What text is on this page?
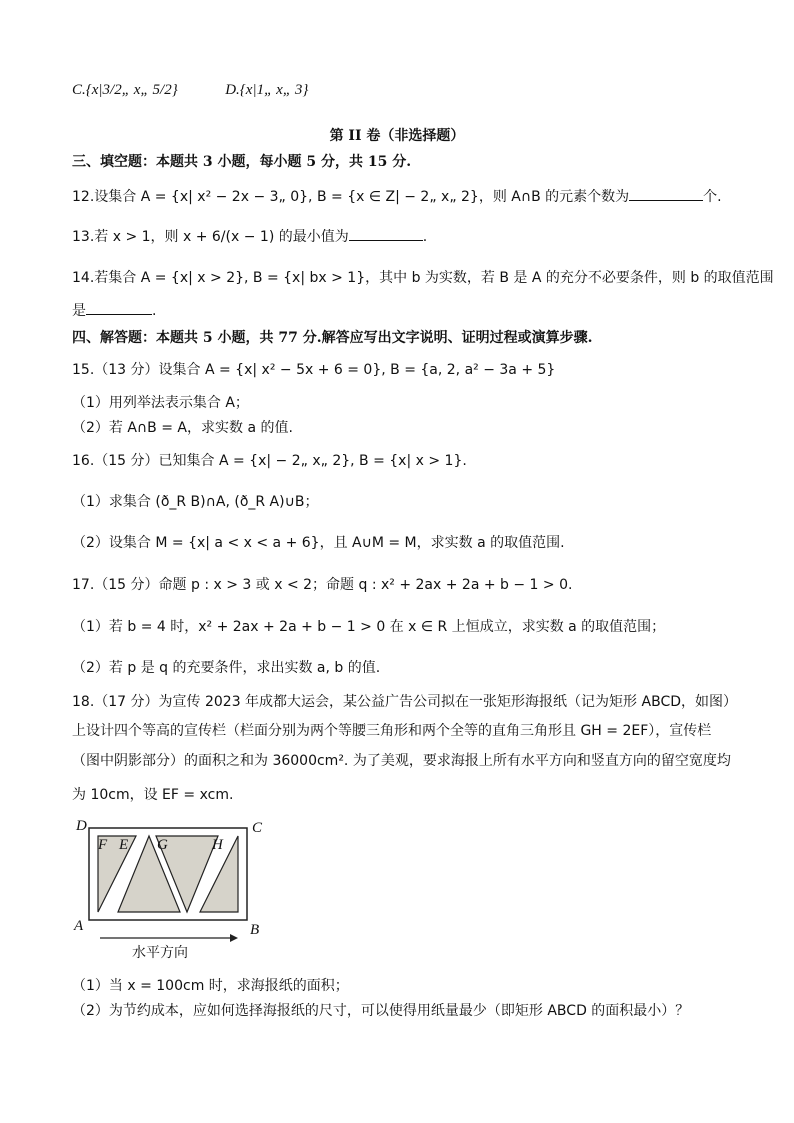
C.{x|3/2„ x„ 5/2}	D.{x|1„ x„ 3}
第 II 卷（非选择题）
三、填空题：本题共 3 小题，每小题 5 分，共 15 分.
12.设集合 A = {x| x² − 2x − 3„ 0}, B = {x ∈ Z| − 2„ x„ 2}，则 A∩B 的元素个数为	个.
13.若 x > 1，则 x + 6/(x − 1) 的最小值为	.
14.若集合 A = {x| x > 2}, B = {x| bx > 1}，其中 b 为实数，若 B 是 A 的充分不必要条件，则 b 的取值范围
是	.
四、解答题：本题共 5 小题，共 77 分.解答应写出文字说明、证明过程或演算步骤.
15.（13 分）设集合 A = {x| x² − 5x + 6 = 0}, B = {a, 2, a² − 3a + 5}
（1）用列举法表示集合 A；
（2）若 A∩B = A，求实数 a 的值.
16.（15 分）已知集合 A = {x| − 2„ x„ 2}, B = {x| x > 1}.
（1）求集合 (ð_R B)∩A, (ð_R A)∪B；
（2）设集合 M = {x| a < x < a + 6}，且 A∪M = M，求实数 a 的取值范围.
17.（15 分）命题 p : x > 3 或 x < 2；命题 q : x² + 2ax + 2a + b − 1 > 0.
（1）若 b = 4 时，x² + 2ax + 2a + b − 1 > 0 在 x ∈ R 上恒成立，求实数 a 的取值范围；
（2）若 p 是 q 的充要条件，求出实数 a, b 的值.
18.（17 分）为宣传 2023 年成都大运会，某公益广告公司拟在一张矩形海报纸（记为矩形 ABCD，如图）
上设计四个等高的宣传栏（栏面分别为两个等腰三角形和两个全等的直角三角形且 GH = 2EF），宣传栏
（图中阴影部分）的面积之和为 36000cm². 为了美观，要求海报上所有水平方向和竖直方向的留空宽度均
为 10cm，设 EF = xcm.
D	C
A	B
F E G	H
水平方向
（1）当 x = 100cm 时，求海报纸的面积；
（2）为节约成本，应如何选择海报纸的尺寸，可以使得用纸量最少（即矩形 ABCD 的面积最小）？
